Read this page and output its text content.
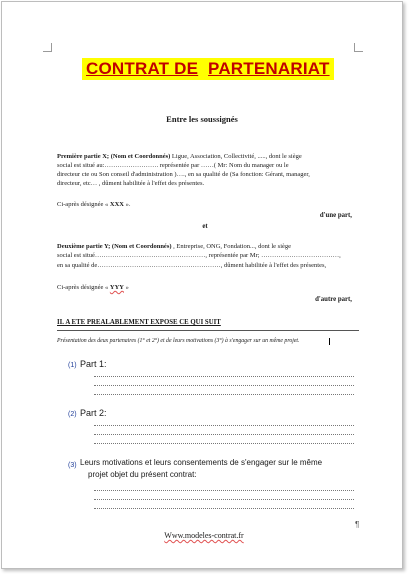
CONTRAT DE PARTENARIAT
Entre les soussignés
Première partie X; (Nom et Coordonnés) Ligue, Association, Collectivité, ....., dont le siège
social est situé au:……………………. représentée par ……( Mr: Nom du manager ou le
directeur cte ou Son conseil d'administration )…., en sa qualité de (Sa fonction: Gérant, manager,
directeur, etc… , dûment habilitée à l'effet des présentes.
Ci-après désignée « XXX ».
d'une part,
et
Deuxième partie Y; (Nom et Coordonnés) , Entreprise, ONG, Fondation..., dont le siège
social est situé……………………………………………, représentée par Mr; ………………………………,
en sa qualité de…………………………………………………, dûment habilitée à l'effet des présentes,
Ci-après désignée « YYY »
d'autre part,
II. A ETE PREALABLEMENT EXPOSE CE QUI SUIT
Présentation des deux partenaires (1° et 2°) et de leurs motivations (3°) à s'engager sur un même projet.
(1) Part 1:
(2) Part 2:
(3) Leurs motivations et leurs consentements de s'engager sur le même
projet objet du présent contrat:
¶
Www.modeles-contrat.fr
